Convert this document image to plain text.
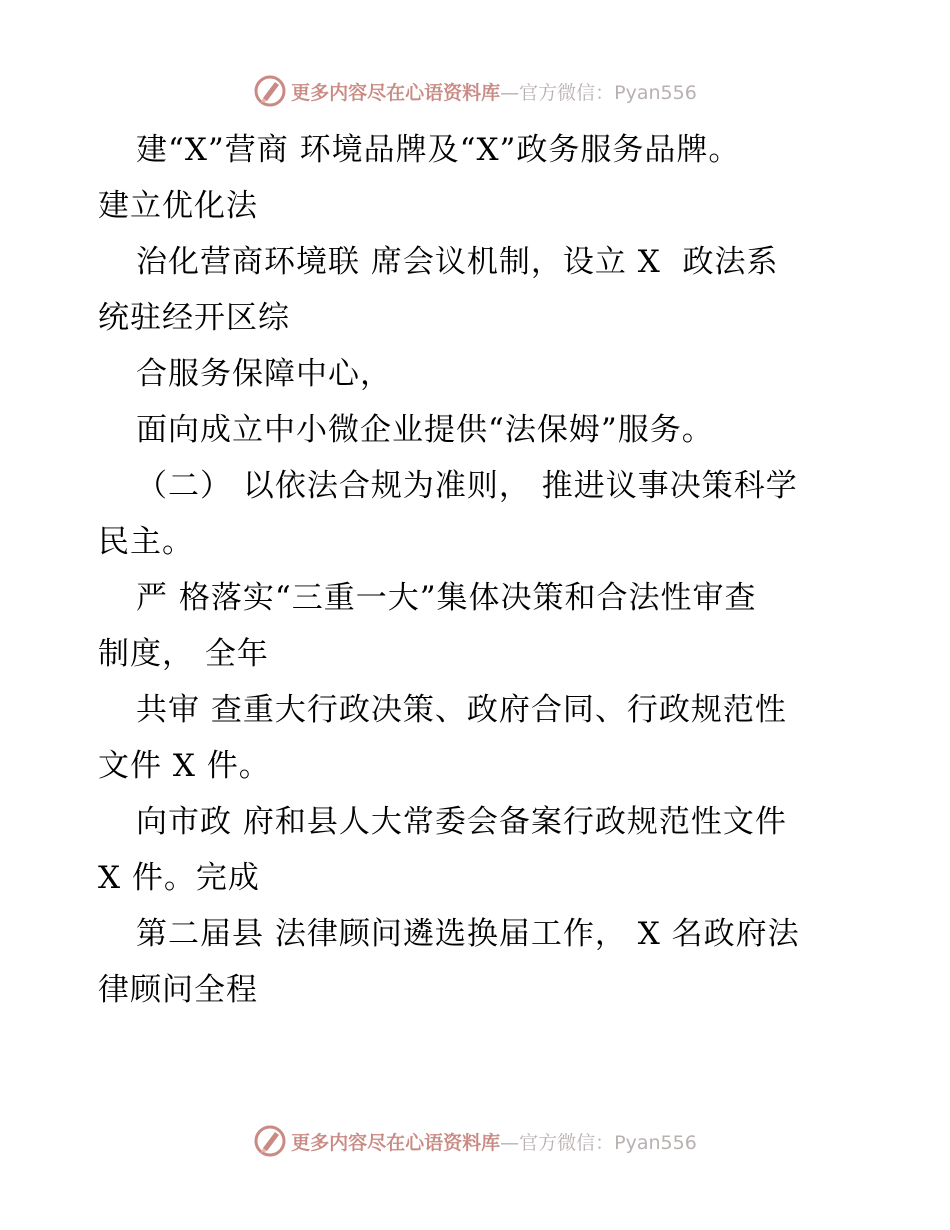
更多内容尽在心语资料库 —官方微信：Pyan556
建“X”营商 环境品牌及“X”政务服务品牌。
建立优化法
治化营商环境联 席会议机制，设立 X  政法系
统驻经开区综
合服务保障中心，
面向成立中小微企业提供“法保姆”服务。
（二） 以依法合规为准则， 推进议事决策科学
民主。
严 格落实“三重一大”集体决策和合法性审查
制度， 全年
共审 查重大行政决策、政府合同、行政规范性
文件 X 件。
向市政 府和县人大常委会备案行政规范性文件
X 件。完成
第二届县 法律顾问遴选换届工作， X 名政府法
律顾问全程
更多内容尽在心语资料库 —官方微信：Pyan556
